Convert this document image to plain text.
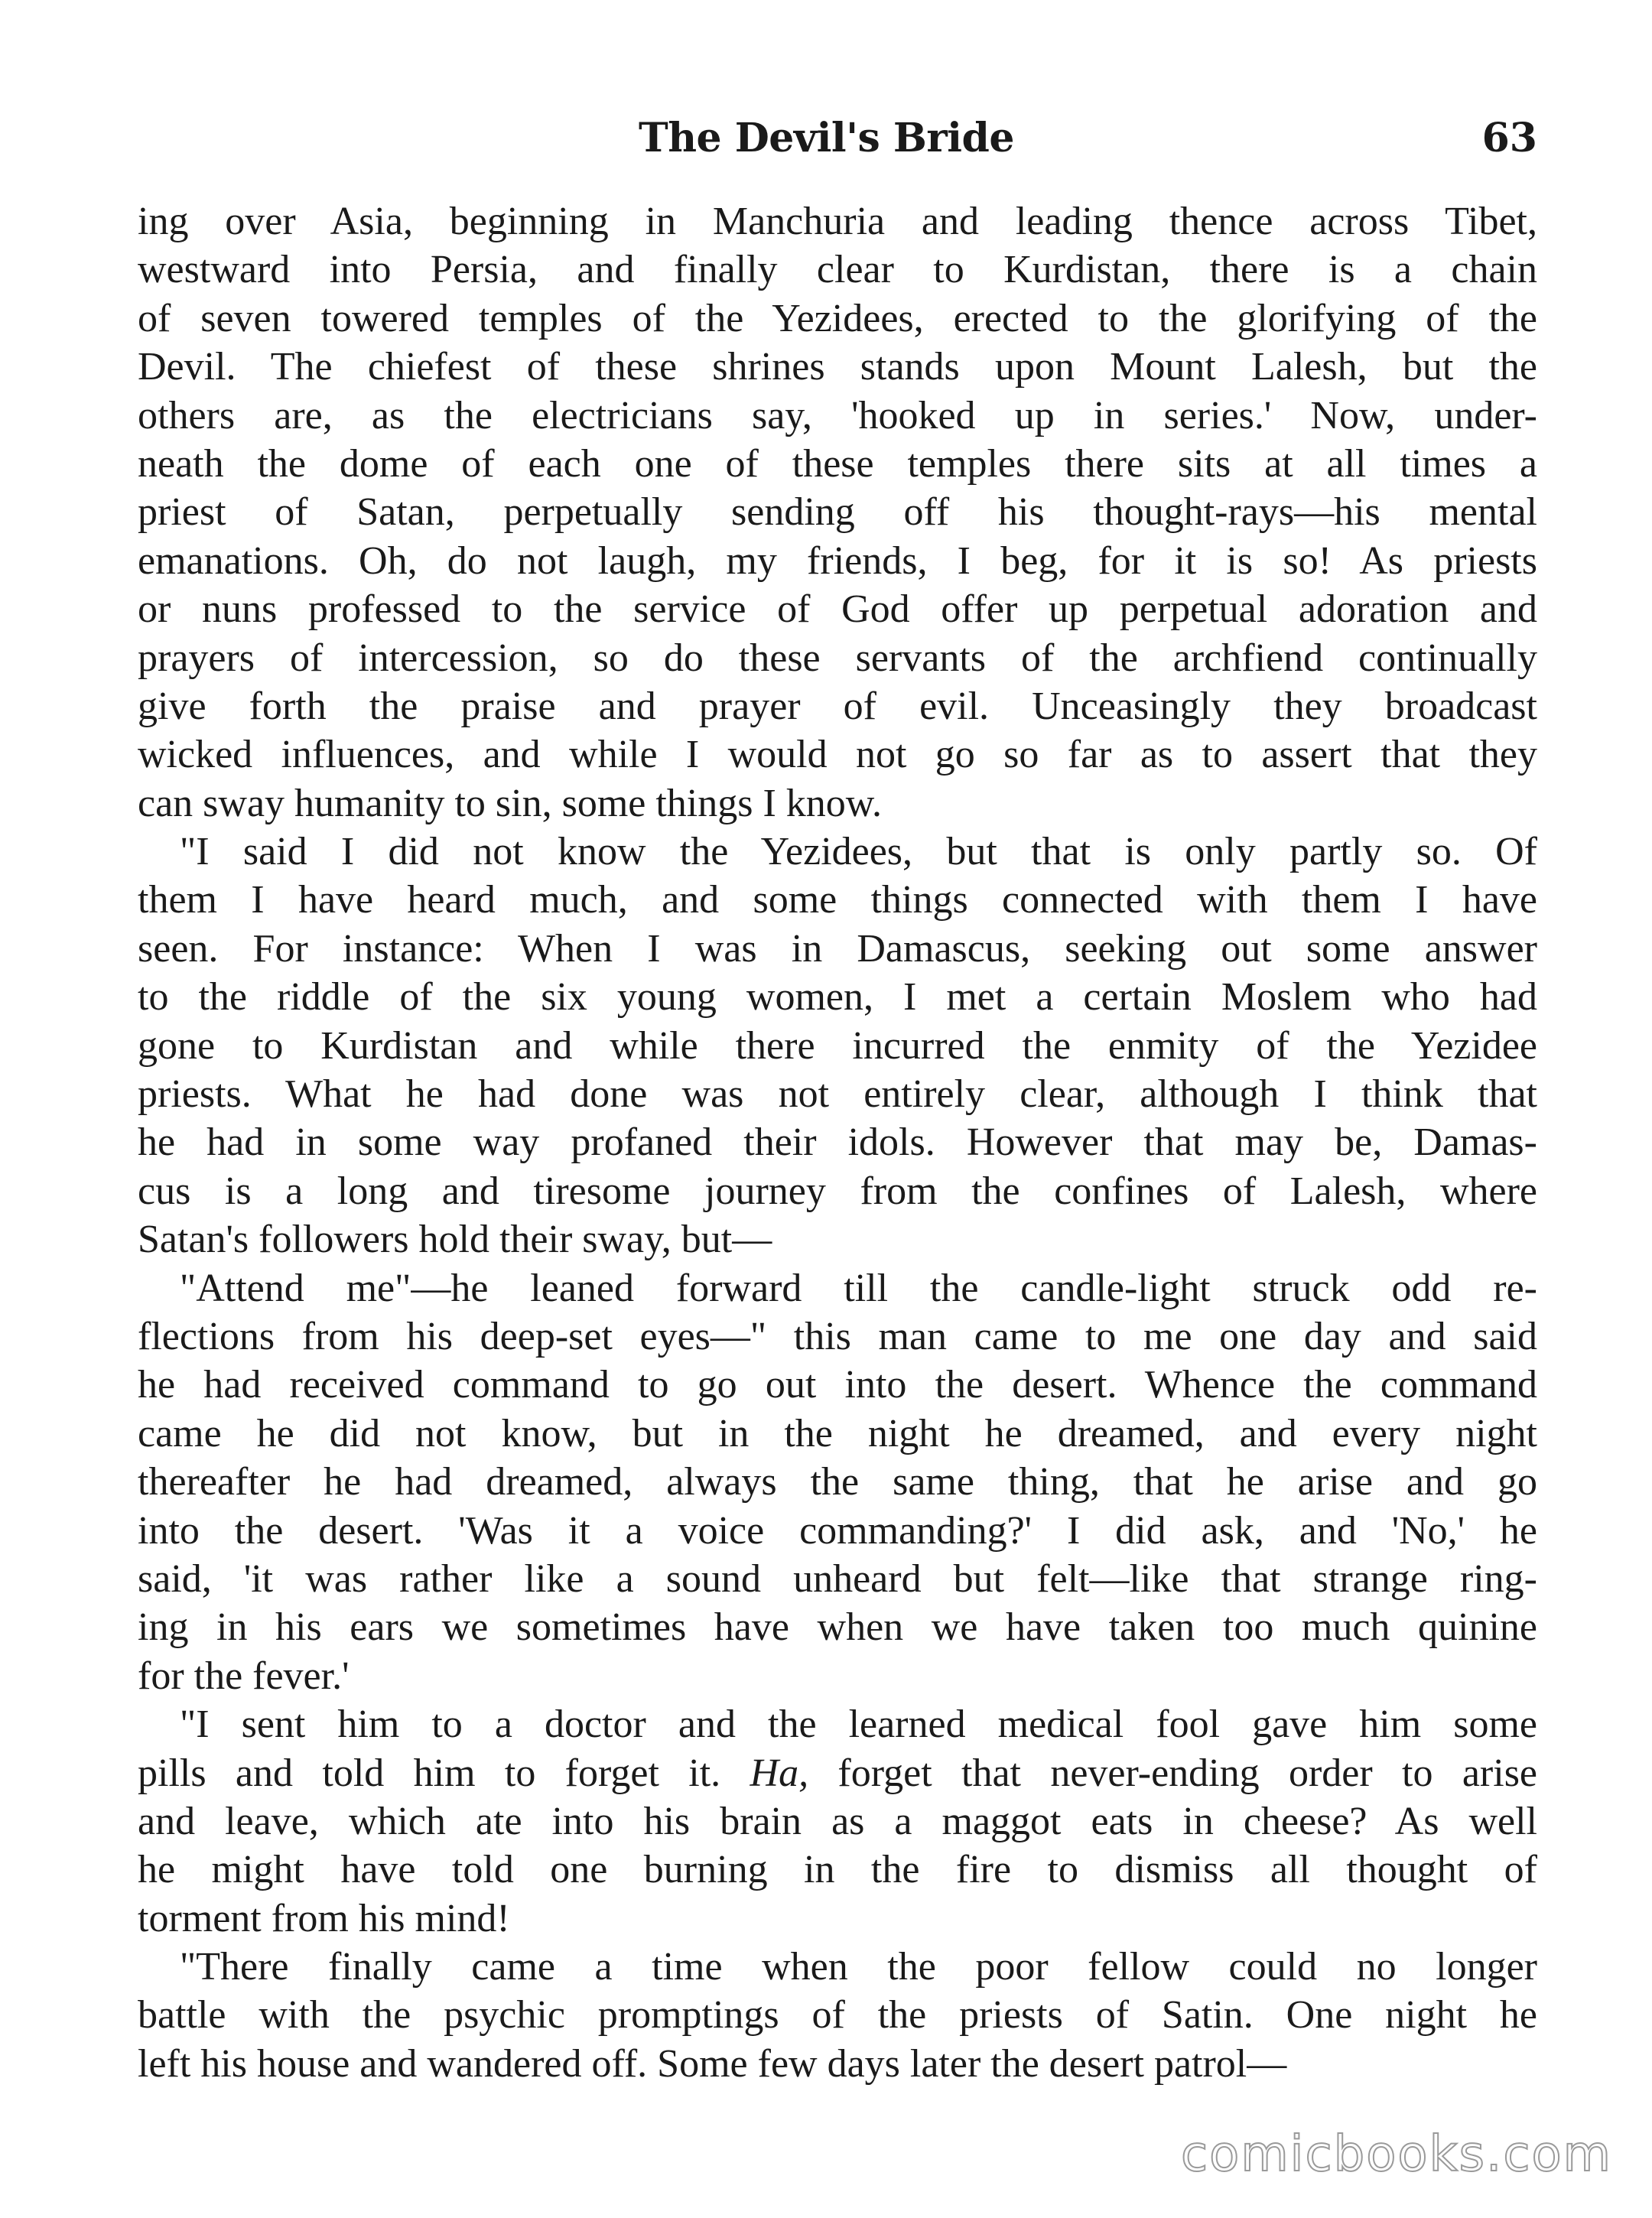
The Devil's Bride	63
ing over Asia, beginning in Manchuria and leading thence across Tibet,
westward into Persia, and finally clear to Kurdistan, there is a chain
of seven towered temples of the Yezidees, erected to the glorifying of the
Devil. The chiefest of these shrines stands upon Mount Lalesh, but the
others are, as the electricians say, 'hooked up in series.' Now, under-
neath the dome of each one of these temples there sits at all times a
priest of Satan, perpetually sending off his thought-rays—his mental
emanations. Oh, do not laugh, my friends, I beg, for it is so! As priests
or nuns professed to the service of God offer up perpetual adoration and
prayers of intercession, so do these servants of the archfiend continually
give forth the praise and prayer of evil. Unceasingly they broadcast
wicked influences, and while I would not go so far as to assert that they
can sway humanity to sin, some things I know.
"I said I did not know the Yezidees, but that is only partly so. Of
them I have heard much, and some things connected with them I have
seen. For instance: When I was in Damascus, seeking out some answer
to the riddle of the six young women, I met a certain Moslem who had
gone to Kurdistan and while there incurred the enmity of the Yezidee
priests. What he had done was not entirely clear, although I think that
he had in some way profaned their idols. However that may be, Damas-
cus is a long and tiresome journey from the confines of Lalesh, where
Satan's followers hold their sway, but—
"Attend me"—he leaned forward till the candle-light struck odd re-
flections from his deep-set eyes—" this man came to me one day and said
he had received command to go out into the desert. Whence the command
came he did not know, but in the night he dreamed, and every night
thereafter he had dreamed, always the same thing, that he arise and go
into the desert. 'Was it a voice commanding?' I did ask, and 'No,' he
said, 'it was rather like a sound unheard but felt—like that strange ring-
ing in his ears we sometimes have when we have taken too much quinine
for the fever.'
"I sent him to a doctor and the learned medical fool gave him some
pills and told him to forget it. Ha, forget that never-ending order to arise
and leave, which ate into his brain as a maggot eats in cheese? As well
he might have told one burning in the fire to dismiss all thought of
torment from his mind!
"There finally came a time when the poor fellow could no longer
battle with the psychic promptings of the priests of Satin. One night he
left his house and wandered off. Some few days later the desert patrol—
comicbooks.com
